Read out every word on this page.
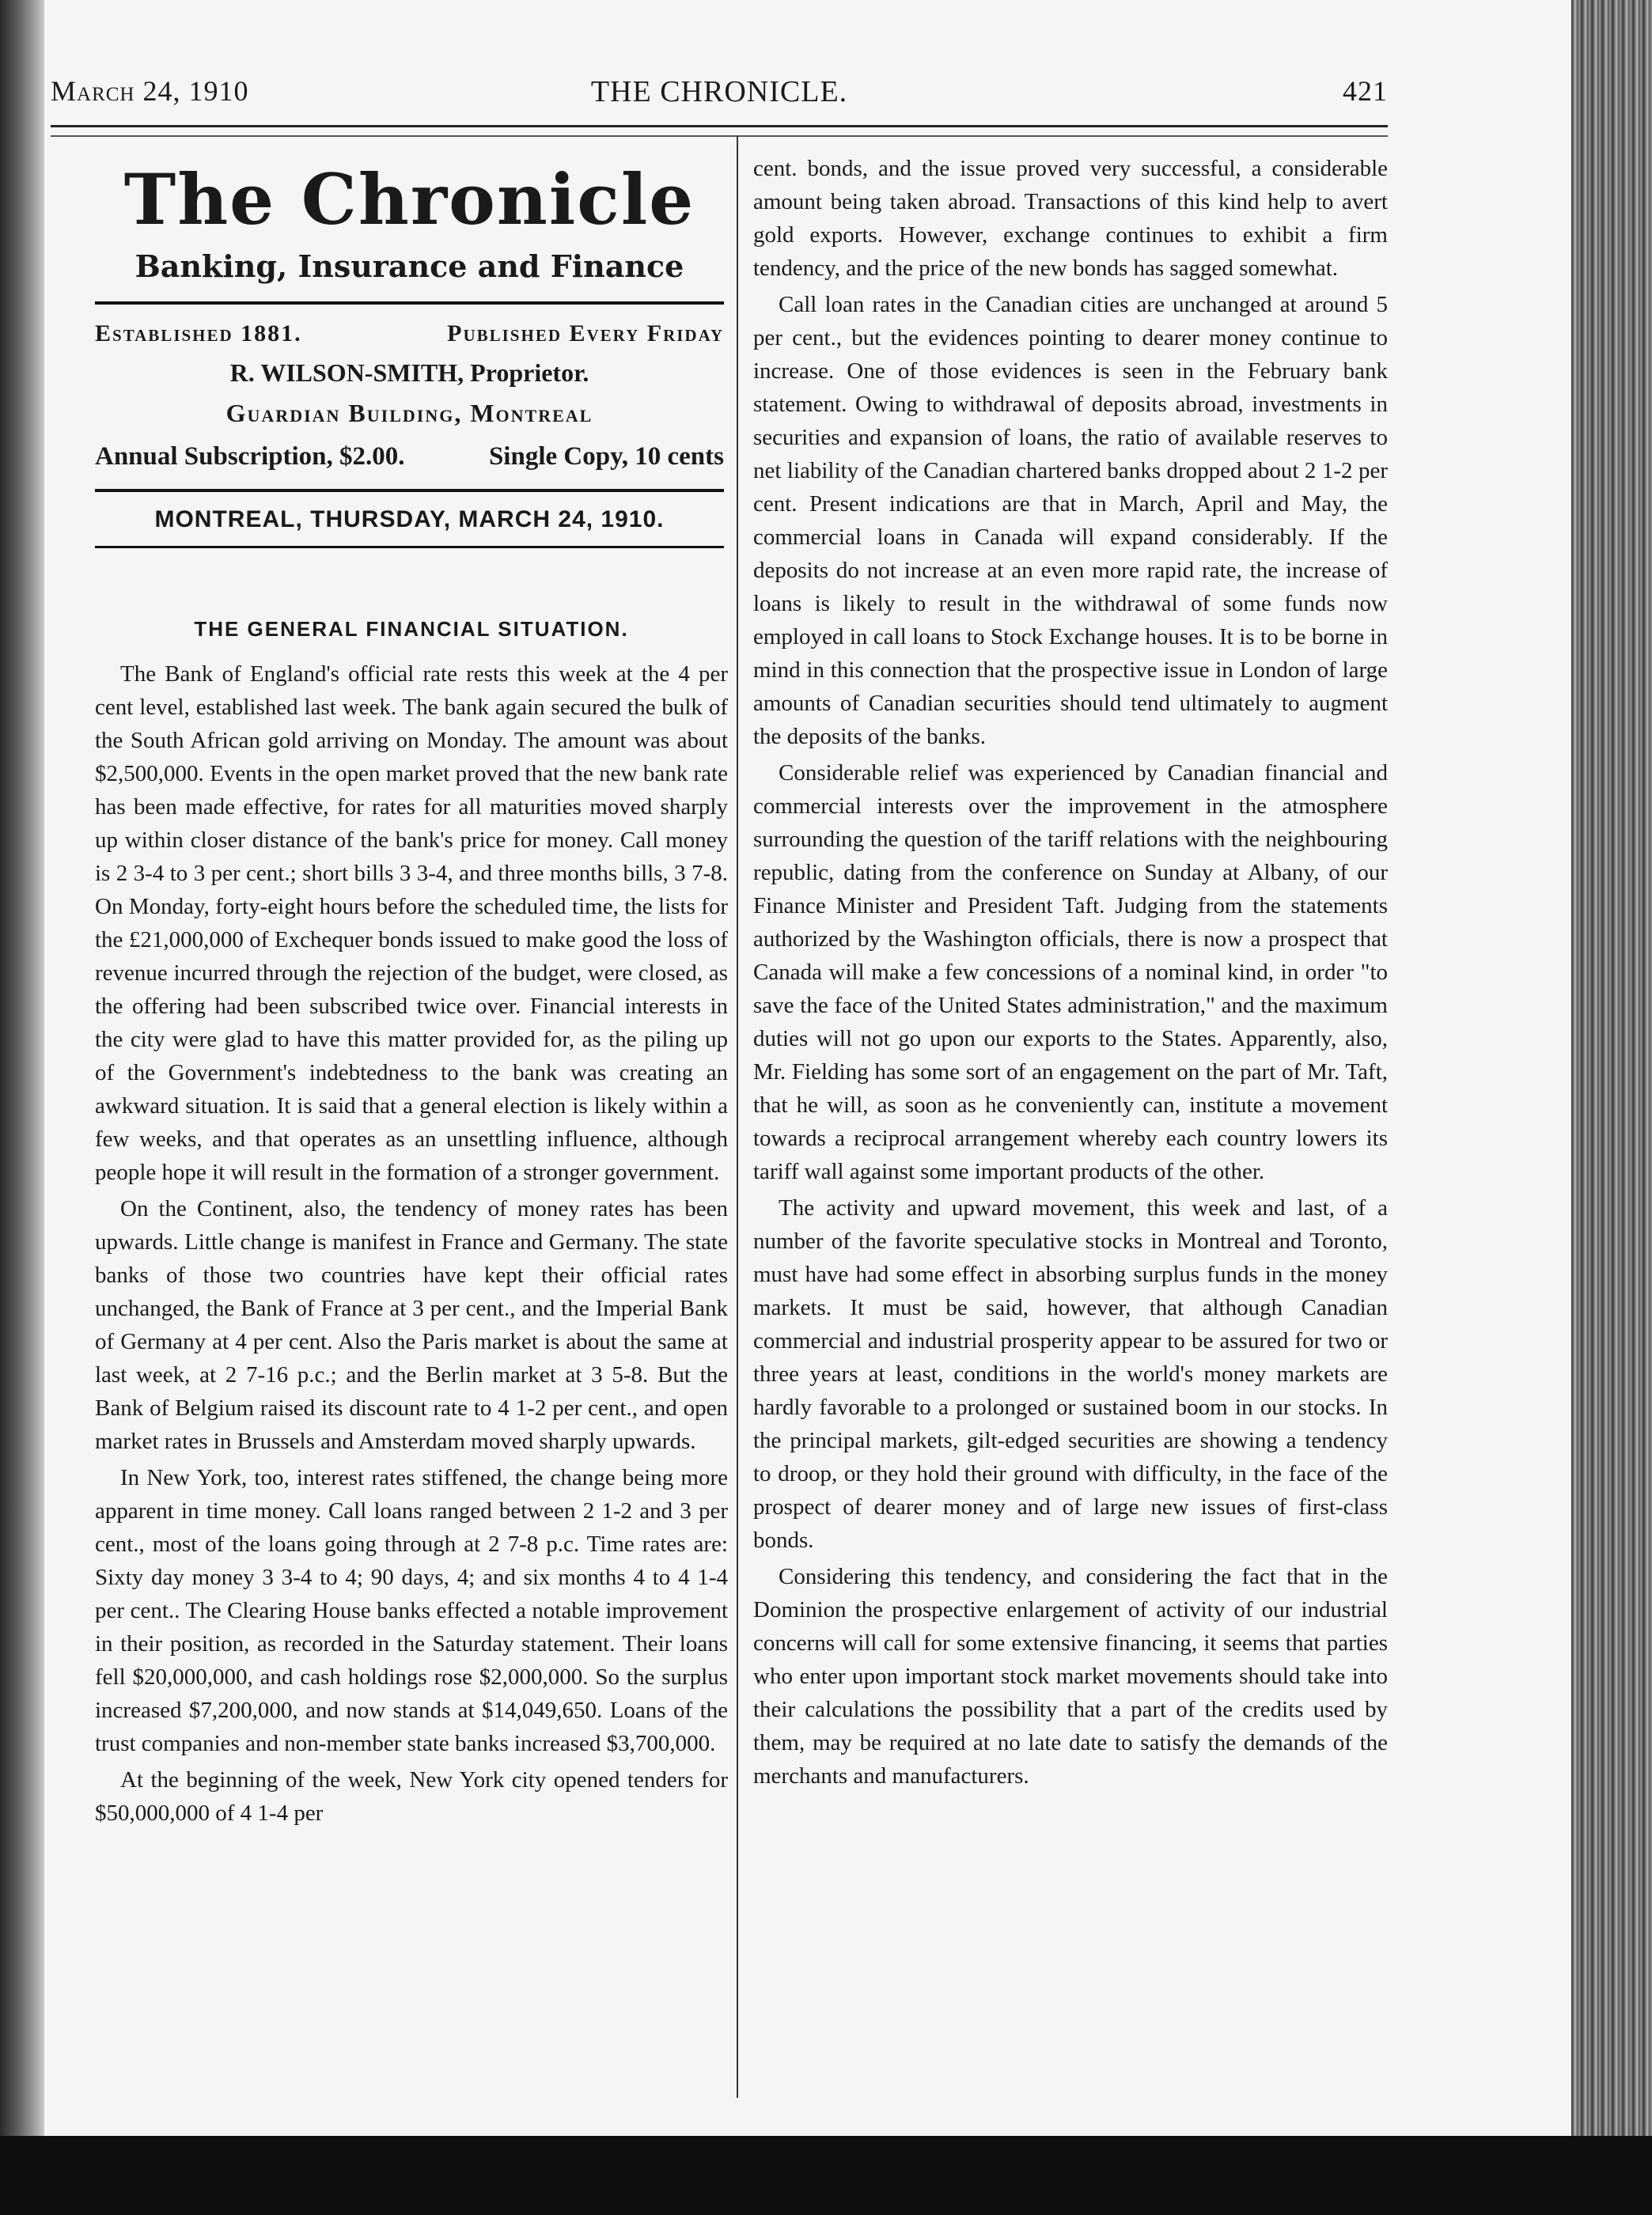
March 24, 1910	THE CHRONICLE.	421
The Chronicle
Banking, Insurance and Finance
Established 1881.	Published Every Friday
R. WILSON-SMITH, Proprietor.
Guardian Building, Montreal
Annual Subscription, $2.00.	Single Copy, 10 cents
MONTREAL, THURSDAY, MARCH 24, 1910.
THE GENERAL FINANCIAL SITUATION.

The Bank of England's official rate rests this week at the 4 per cent level, established last week. The bank again secured the bulk of the South African gold arriving on Monday. The amount was about $2,500,000. Events in the open market proved that the new bank rate has been made effective, for rates for all maturities moved sharply up within closer distance of the bank's price for money. Call money is 2 3-4 to 3 per cent.; short bills 3 3-4, and three months bills, 3 7-8. On Monday, forty-eight hours before the scheduled time, the lists for the £21,000,000 of Exchequer bonds issued to make good the loss of revenue incurred through the rejection of the budget, were closed, as the offering had been subscribed twice over. Financial interests in the city were glad to have this matter provided for, as the piling up of the Government's indebtedness to the bank was creating an awkward situation. It is said that a general election is likely within a few weeks, and that operates as an unsettling influence, although people hope it will result in the formation of a stronger government.

On the Continent, also, the tendency of money rates has been upwards. Little change is manifest in France and Germany. The state banks of those two countries have kept their official rates unchanged, the Bank of France at 3 per cent., and the Imperial Bank of Germany at 4 per cent. Also the Paris market is about the same at last week, at 2 7-16 p.c.; and the Berlin market at 3 5-8. But the Bank of Belgium raised its discount rate to 4 1-2 per cent., and open market rates in Brussels and Amsterdam moved sharply upwards.

In New York, too, interest rates stiffened, the change being more apparent in time money. Call loans ranged between 2 1-2 and 3 per cent., most of the loans going through at 2 7-8 p.c. Time rates are: Sixty day money 3 3-4 to 4; 90 days, 4; and six months 4 to 4 1-4 per cent.. The Clearing House banks effected a notable improvement in their position, as recorded in the Saturday statement. Their loans fell $20,000,000, and cash holdings rose $2,000,000. So the surplus increased $7,200,000, and now stands at $14,049,650. Loans of the trust companies and non-member state banks increased $3,700,000.

At the beginning of the week, New York city opened tenders for $50,000,000 of 4 1-4 per

cent. bonds, and the issue proved very successful, a considerable amount being taken abroad. Transactions of this kind help to avert gold exports. However, exchange continues to exhibit a firm tendency, and the price of the new bonds has sagged somewhat.

Call loan rates in the Canadian cities are unchanged at around 5 per cent., but the evidences pointing to dearer money continue to increase. One of those evidences is seen in the February bank statement. Owing to withdrawal of deposits abroad, investments in securities and expansion of loans, the ratio of available reserves to net liability of the Canadian chartered banks dropped about 2 1-2 per cent. Present indications are that in March, April and May, the commercial loans in Canada will expand considerably. If the deposits do not increase at an even more rapid rate, the increase of loans is likely to result in the withdrawal of some funds now employed in call loans to Stock Exchange houses. It is to be borne in mind in this connection that the prospective issue in London of large amounts of Canadian securities should tend ultimately to augment the deposits of the banks.

Considerable relief was experienced by Canadian financial and commercial interests over the improvement in the atmosphere surrounding the question of the tariff relations with the neighbouring republic, dating from the conference on Sunday at Albany, of our Finance Minister and President Taft. Judging from the statements authorized by the Washington officials, there is now a prospect that Canada will make a few concessions of a nominal kind, in order "to save the face of the United States administration," and the maximum duties will not go upon our exports to the States. Apparently, also, Mr. Fielding has some sort of an engagement on the part of Mr. Taft, that he will, as soon as he conveniently can, institute a movement towards a reciprocal arrangement whereby each country lowers its tariff wall against some important products of the other.

The activity and upward movement, this week and last, of a number of the favorite speculative stocks in Montreal and Toronto, must have had some effect in absorbing surplus funds in the money markets. It must be said, however, that although Canadian commercial and industrial prosperity appear to be assured for two or three years at least, conditions in the world's money markets are hardly favorable to a prolonged or sustained boom in our stocks. In the principal markets, gilt-edged securities are showing a tendency to droop, or they hold their ground with difficulty, in the face of the prospect of dearer money and of large new issues of first-class bonds.

Considering this tendency, and considering the fact that in the Dominion the prospective enlargement of activity of our industrial concerns will call for some extensive financing, it seems that parties who enter upon important stock market movements should take into their calculations the possibility that a part of the credits used by them, may be required at no late date to satisfy the demands of the merchants and manufacturers.
